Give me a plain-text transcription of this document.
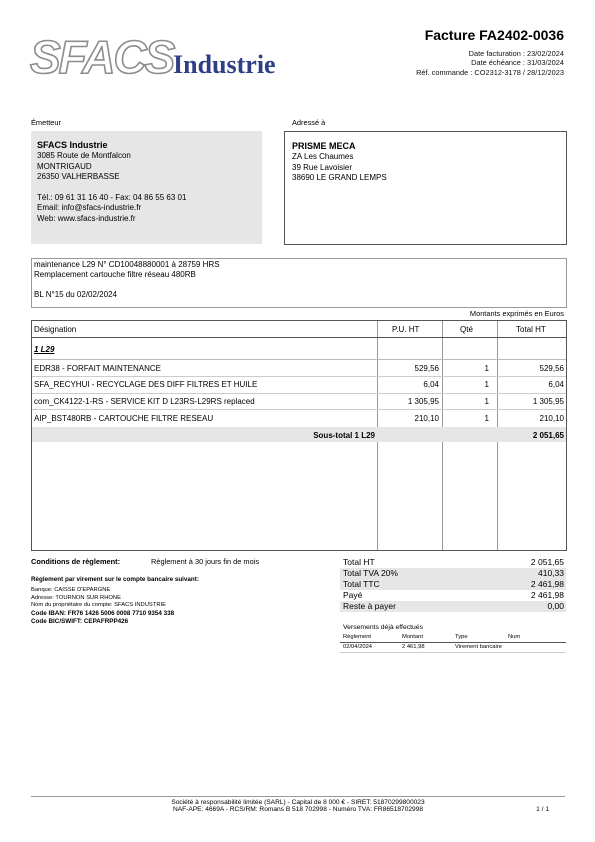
SFACS Industrie
Facture FA2402-0036
Date facturation : 23/02/2024
Date échéance : 31/03/2024
Réf. commande : CO2312-3178 / 28/12/2023
Émetteur	Adressé à
SFACS Industrie
3085 Route de Montfalcon
MONTRIGAUD
26350 VALHERBASSE
Tél.: 09 61 31 16 40 - Fax: 04 86 55 63 01
Email: info@sfacs-industrie.fr
Web: www.sfacs-industrie.fr
PRISME MECA
ZA Les Chaumes
39 Rue Lavoisier
38690 LE GRAND LEMPS
maintenance L29 N° CD10048880001 à 28759 HRS
Remplacement cartouche filtre réseau 480RB
BL N°15 du 02/02/2024
Montants exprimés en Euros
Désignation	P.U. HT	Qté	Total HT
1 L29
EDR38 - FORFAIT MAINTENANCE	529,56	1	529,56
SFA_RECYHUI - RECYCLAGE DES DIFF FILTRES ET HUILE	6,04	1	6,04
com_CK4122-1-RS - SERVICE KIT D L23RS-L29RS replaced	1 305,95	1	1 305,95
AIP_BST480RB - CARTOUCHE FILTRE RESEAU	210,10	1	210,10
Sous-total 1 L29	2 051,65
Conditions de règlement:	Règlement à 30 jours fin de mois
Règlement par virement sur le compte bancaire suivant:
Banque: CAISSE D'EPARGNE
Adresse: TOURNON SUR RHONE
Nom du propriétaire du compte: SFACS INDUSTRIE
Code IBAN: FR76 1426 5006 0008 7710 9354 338
Code BIC/SWIFT: CEPAFRPP426
Total HT	2 051,65
Total TVA 20%	410,33
Total TTC	2 461,98
Payé	2 461,98
Reste à payer	0,00
Versements déjà effectués
Règlement	Montant	Type	Num
02/04/2024	2 461,98	Virement bancaire
Société à responsabilité limitée (SARL) - Capital de 8 000 € - SIRET: 51870299800023
NAF-APE: 4669A - RCS/RM: Romans B 518 702998 - Numéro TVA: FR86518702998	1 / 1
